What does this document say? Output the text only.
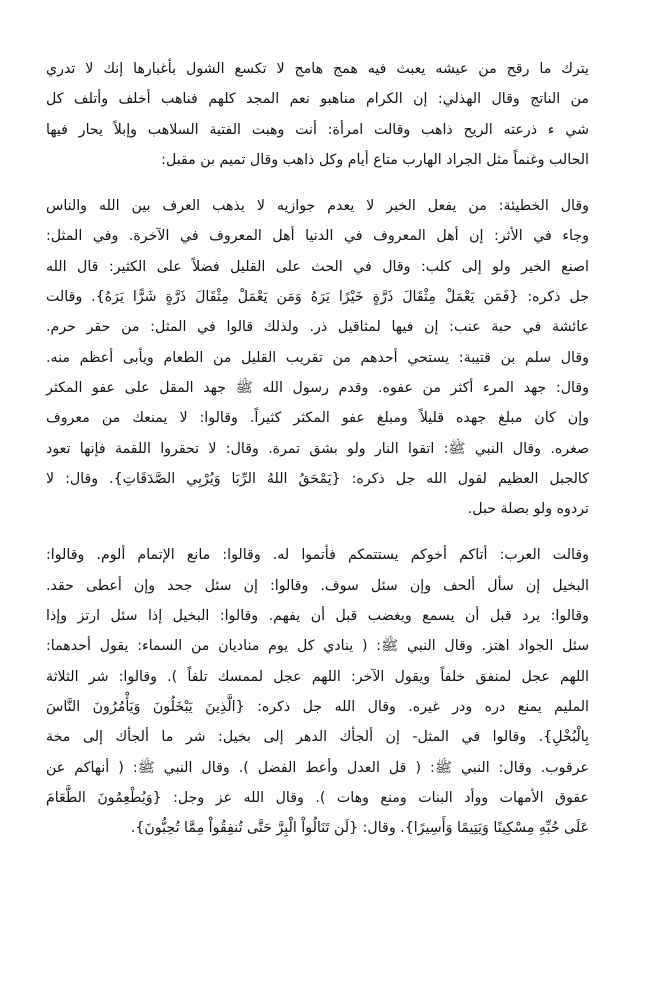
يترك ما رقح من عيشه يعبث فيه همج هامج لا تكسع الشول بأغبارها إنك لا تدري
من الناتج وقال الهذلي: إن الكرام مناهبو نعم المجد كلهم فناهب أخلف وأتلف كل
شي ء ذرعته الريح ذاهب وقالت امرأة: أنت وهبت الفتية السلاهب وإبلاً يحار فيها
الحالب وغنماً مثل الجراد الهارب متاع أيام وكل ذاهب وقال تميم بن مقبل:
وقال الخطيئة: من يفعل الخير لا يعدم جوازيه لا يذهب العرف بين الله والناس
وجاء في الأثر: إن أهل المعروف في الدنيا أهل المعروف في الآخرة. وفي المثل:
اصنع الخير ولو إلى كلب: وقال في الحث على القليل فضلاً على الكثير: قال الله
جل ذكره: {فَمَن يَعْمَلْ مِثْقَالَ ذَرَّةٍ خَيْرًا يَرَهُ وَمَن يَعْمَلْ مِثْقَالَ ذَرَّةٍ شَرًّا يَرَهُ}. وقالت
عائشة في حبة عنب: إن فيها لمثاقيل ذر. ولذلك قالوا في المثل: من حقر حرم.
وقال سلم بن قتيبة: يستحي أحدهم من تقريب القليل من الطعام ويأبى أعظم منه.
وقال: جهد المرء أكثر من عفوه. وقدم رسول الله ﷺ جهد المقل على عفو المكثر
وإن كان مبلغ جهده قليلاً ومبلغ عفو المكثر كثيراً. وقالوا: لا يمنعك من معروف
صغره. وقال النبي ﷺ: اتقوا النار ولو بشق تمرة. وقال: لا تحقروا اللقمة فإنها تعود
كالجبل العظيم لقول الله جل ذكره: {يَمْحَقُ اللهُ الرِّبَا وَيُرْبِي الصَّدَقَاتِ}. وقال: لا
تردوه ولو بصلة حبل.
وقالت العرب: أتاكم أخوكم يستتمكم فأتموا له. وقالوا: مانع الإتمام ألوم. وقالوا:
البخيل إن سأل ألحف وإن سئل سوف. وقالوا: إن سئل جحد وإن أعطى حقد.
وقالوا: يرد قبل أن يسمع ويغضب قبل أن يفهم. وقالوا: البخيل إذا سئل ارتز وإذا
سئل الجواد اهتز. وقال النبي ﷺ: ( ينادي كل يوم مناديان من السماء: يقول أحدهما:
اللهم عجل لمنفق خلفاً ويقول الآخر: اللهم عجل لممسك تلفاً ). وقالوا: شر الثلاثة
المليم يمنع دره ودر غيره. وقال الله جل ذكره: {الَّذِينَ يَبْخَلُونَ وَيَأْمُرُونَ النَّاسَ
بِالْبُخْلِ}. وقالوا في المثل- إن ألجأك الدهر إلى بخيل: شر ما ألجأك إلى مخة
عرقوب. وقال: النبي ﷺ: ( قل العدل وأعط الفضل ). وقال النبي ﷺ: ( أنهاكم عن
عقوق الأمهات ووأد البنات ومنع وهات ). وقال الله عز وجل: {وَيُطْعِمُونَ الطَّعَامَ
عَلَى حُبِّهِ مِسْكِينًا وَيَتِيمًا وَأَسِيرًا}. وقال: {لَن تَنَالُواْ الْبِرَّ حَتَّى تُنفِقُواْ مِمَّا تُحِبُّونَ}.
